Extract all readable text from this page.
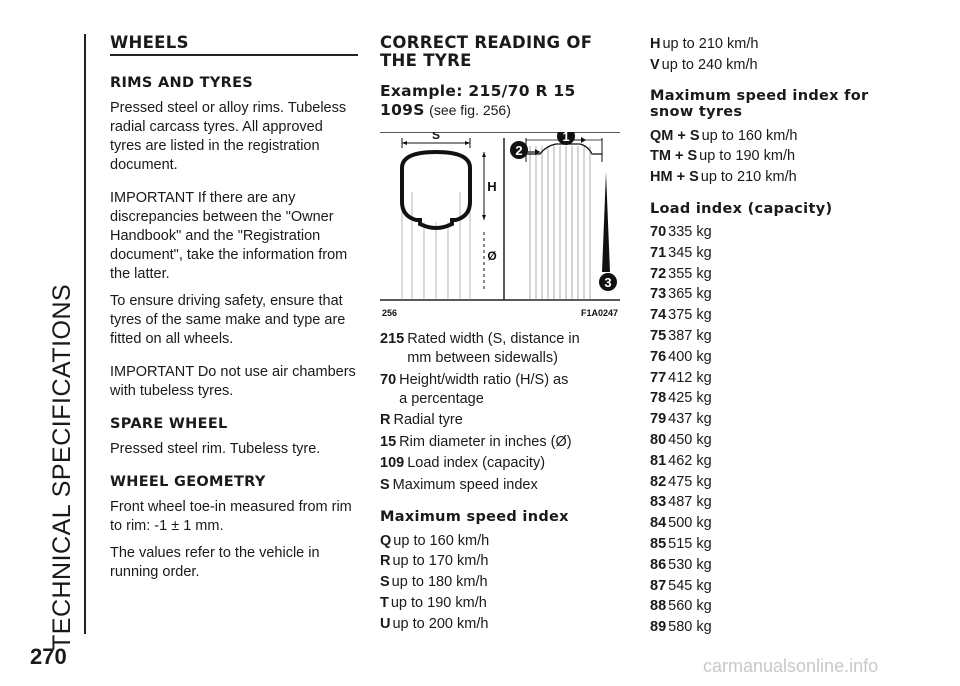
TECHNICAL SPECIFICATIONS
270	carmanualsonline.info
WHEELS
RIMS AND TYRES

Pressed steel or alloy rims. Tubeless radial carcass tyres. All approved tyres are listed in the registration document.

IMPORTANT If there are any discrepancies between the "Owner Handbook" and the "Registration document", take the information from the latter.

To ensure driving safety, ensure that tyres of the same make and type are fitted on all wheels.

IMPORTANT Do not use air chambers with tubeless tyres.

SPARE WHEEL

Pressed steel rim. Tubeless tyre.

WHEEL GEOMETRY

Front wheel toe-in measured from rim to rim: -1 ± 1 mm.

The values refer to the vehicle in running order.

CORRECT READING OF THE TYRE
Example: 215/70 R 15 109S (see fig. 256)
2
1
3
S
H
Ø
256	F1A0247
215 Rated width (S, distance in mm between sidewalls)
70 Height/width ratio (H/S) as a percentage
R Radial tyre
15 Rim diameter in inches (Ø)
109 Load index (capacity)
S Maximum speed index
Maximum speed index
Q up to 160 km/h
R up to 170 km/h
S up to 180 km/h
T up to 190 km/h
U up to 200 km/h
H up to 210 km/h
V up to 240 km/h
Maximum speed index for snow tyres
QM + S up to 160 km/h
TM + S up to 190 km/h
HM + S up to 210 km/h
Load index (capacity)
70 335 kg
71 345 kg
72 355 kg
73 365 kg
74 375 kg
75 387 kg
76 400 kg
77 412 kg
78 425 kg
79 437 kg
80 450 kg
81 462 kg
82 475 kg
83 487 kg
84 500 kg
85 515 kg
86 530 kg
87 545 kg
88 560 kg
89 580 kg
